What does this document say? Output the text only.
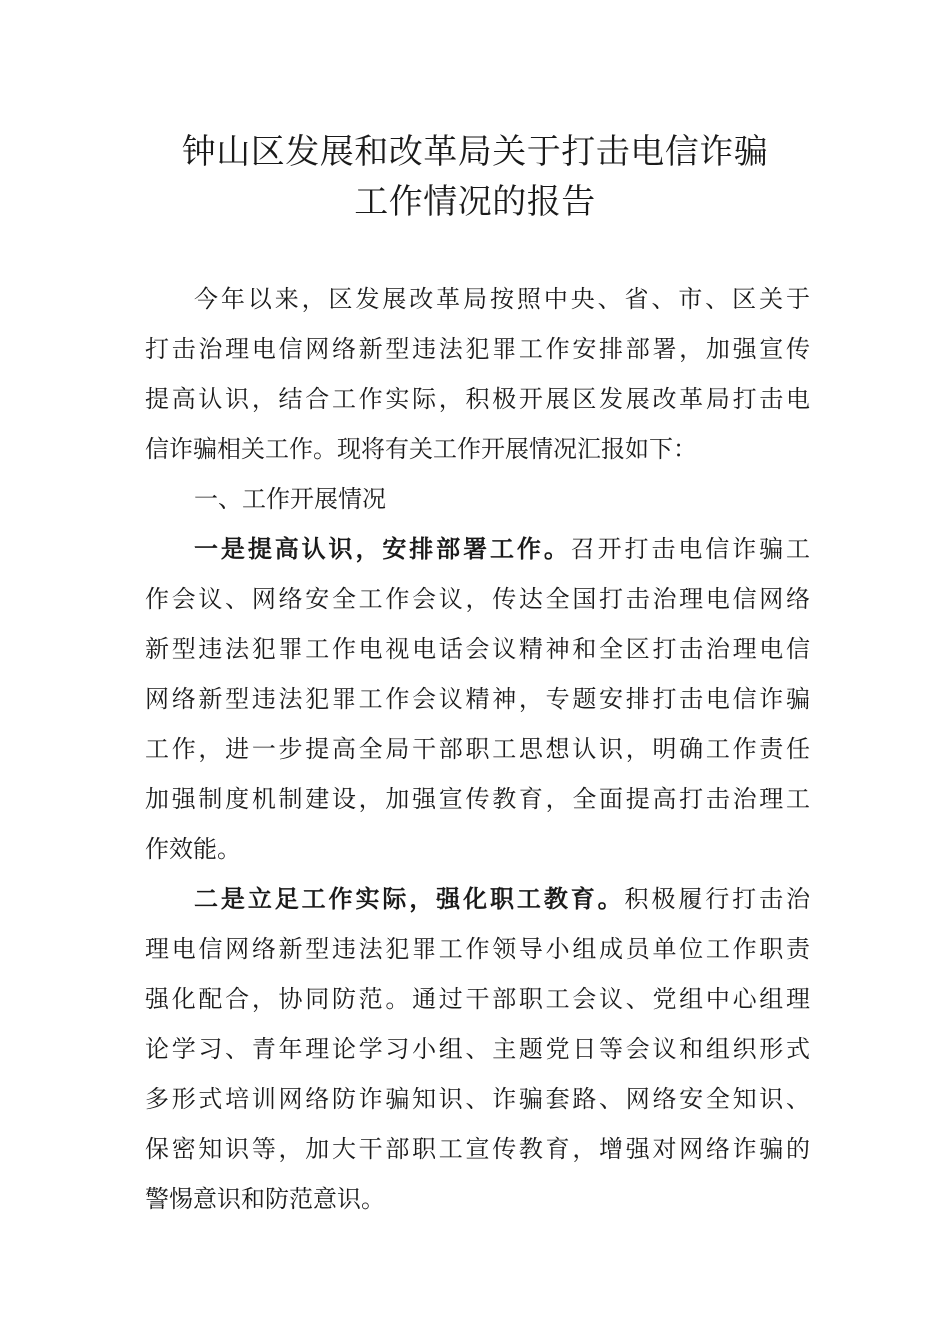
钟山区发展和改革局关于打击电信诈骗
工作情况的报告
今年以来，区发展改革局按照中央、省、市、区关于
打击治理电信网络新型违法犯罪工作安排部署，加强宣传
提高认识，结合工作实际，积极开展区发展改革局打击电
信诈骗相关工作。现将有关工作开展情况汇报如下：
一、工作开展情况
一是提高认识，安排部署工作。召开打击电信诈骗工
作会议、网络安全工作会议，传达全国打击治理电信网络
新型违法犯罪工作电视电话会议精神和全区打击治理电信
网络新型违法犯罪工作会议精神，专题安排打击电信诈骗
工作，进一步提高全局干部职工思想认识，明确工作责任
加强制度机制建设，加强宣传教育，全面提高打击治理工
作效能。
二是立足工作实际，强化职工教育。积极履行打击治
理电信网络新型违法犯罪工作领导小组成员单位工作职责
强化配合，协同防范。通过干部职工会议、党组中心组理
论学习、青年理论学习小组、主题党日等会议和组织形式
多形式培训网络防诈骗知识、诈骗套路、网络安全知识、
保密知识等，加大干部职工宣传教育，增强对网络诈骗的
警惕意识和防范意识。
